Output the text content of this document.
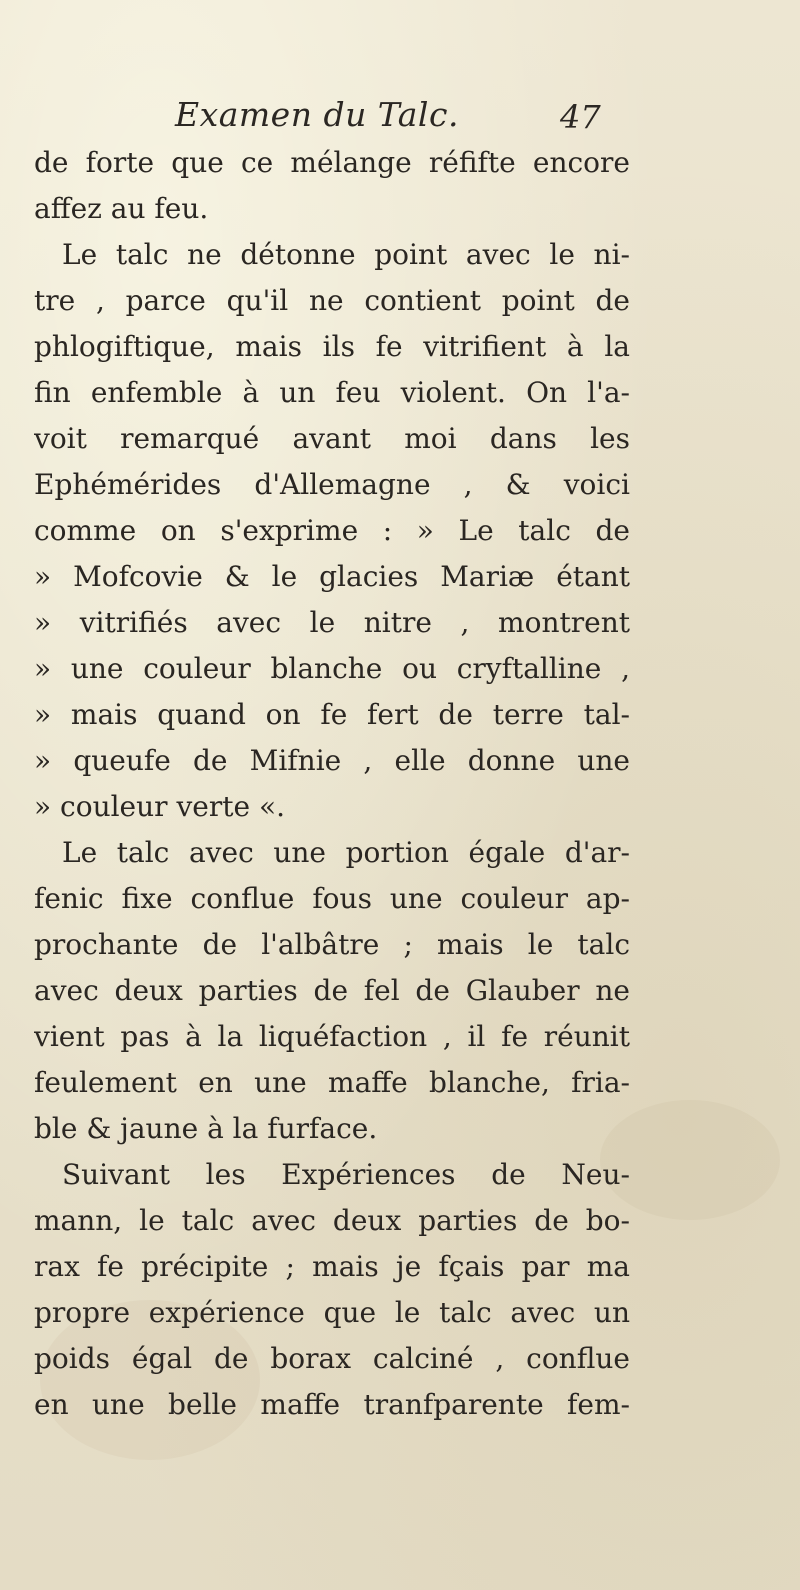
Examen du Talc.	47
de forte que ce mélange réfifte encore
affez au feu.
Le talc ne détonne point avec le ni-
tre , parce qu'il ne contient point de
phlogiftique, mais ils fe vitrifient à la
fin enfemble à un feu violent. On l'a-
voit remarqué avant moi dans les
Ephémérides d'Allemagne , & voici
comme on s'exprime : » Le talc de
» Mofcovie & le glacies Mariæ étant
» vitrifiés avec le nitre , montrent
» une couleur blanche ou cryftalline ,
» mais quand on fe fert de terre tal-
» queufe de Mifnie , elle donne une
» couleur verte «.
Le talc avec une portion égale d'ar-
fenic fixe conflue fous une couleur ap-
prochante de l'albâtre ; mais le talc
avec deux parties de fel de Glauber ne
vient pas à la liquéfaction , il fe réunit
feulement en une maffe blanche, fria-
ble & jaune à la furface.
Suivant les Expériences de Neu-
mann, le talc avec deux parties de bo-
rax fe précipite ; mais je fçais par ma
propre expérience que le talc avec un
poids égal de borax calciné , conflue
en une belle maffe tranfparente fem-
